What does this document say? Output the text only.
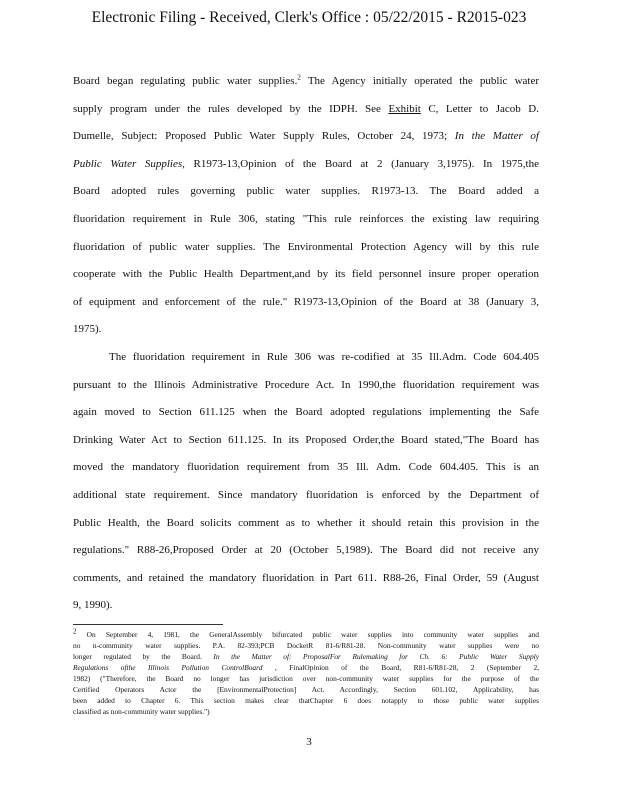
Electronic Filing - Received, Clerk's Office : 05/22/2015 - R2015-023
Board began regulating public water supplies.$^2$ The Agency initially operated the public water
supply program under the rules developed by the IDPH. See Exhibit C, Letter to Jacob D.
Dumelle, Subject: Proposed Public Water Supply Rules, October 24, 1973; In the Matter of
Public Water Supplies, R1973-13,Opinion of the Board at 2 (January 3,1975). In 1975,the
Board adopted rules governing public water supplies. R1973-13. The Board added a
fluoridation requirement in Rule 306, stating "This rule reinforces the existing law requiring
fluoridation of public water supplies. The Environmental Protection Agency will by this rule
cooperate with the Public Health Department,and by its field personnel insure proper operation
of equipment and enforcement of the rule." R1973-13,Opinion of the Board at 38 (January 3,
1975).
The fluoridation requirement in Rule 306 was re-codified at 35 Ill.Adm. Code 604.405
pursuant to the Illinois Administrative Procedure Act. In 1990,the fluoridation requirement was
again moved to Section 611.125 when the Board adopted regulations implementing the Safe
Drinking Water Act to Section 611.125. In its Proposed Order,the Board stated,"The Board has
moved the mandatory fluoridation requirement from 35 Ill. Adm. Code 604.405. This is an
additional state requirement. Since mandatory fluoridation is enforced by the Department of
Public Health, the Board solicits comment as to whether it should retain this provision in the
regulations." R88-26,Proposed Order at 20 (October 5,1989). The Board did not receive any
comments, and retained the mandatory fluoridation in Part 611. R88-26, Final Order, 59 (August
9, 1990).
$^2$ On September 4, 1981, the GeneralAssembly bifurcated public water supplies into community water supplies and
no n-community water supplies. P.A. 82-393;PCB DocketR 81-6/R81-28. Non-community water supplies were no
longer regulated by the Board. In the Matter of: ProposalFor Rulemaking for Ch. 6: Public Water Supply
Regulations ofthe Illinois Pollution ControlBoard , FinalOpinion of the Board, R81-6/R81-28, 2 (September 2,
1982) ("Therefore, the Board no longer has jurisdiction over non-community water supplies for the purpose of the
Certified Operators Actor the [EnvironmentalProtection] Act. Accordingly, Section 601.102, Applicability, has
been added to Chapter 6. This section makes clear thatChapter 6 does notapply to those public water supplies
classified as non-community water supplies.")
3
